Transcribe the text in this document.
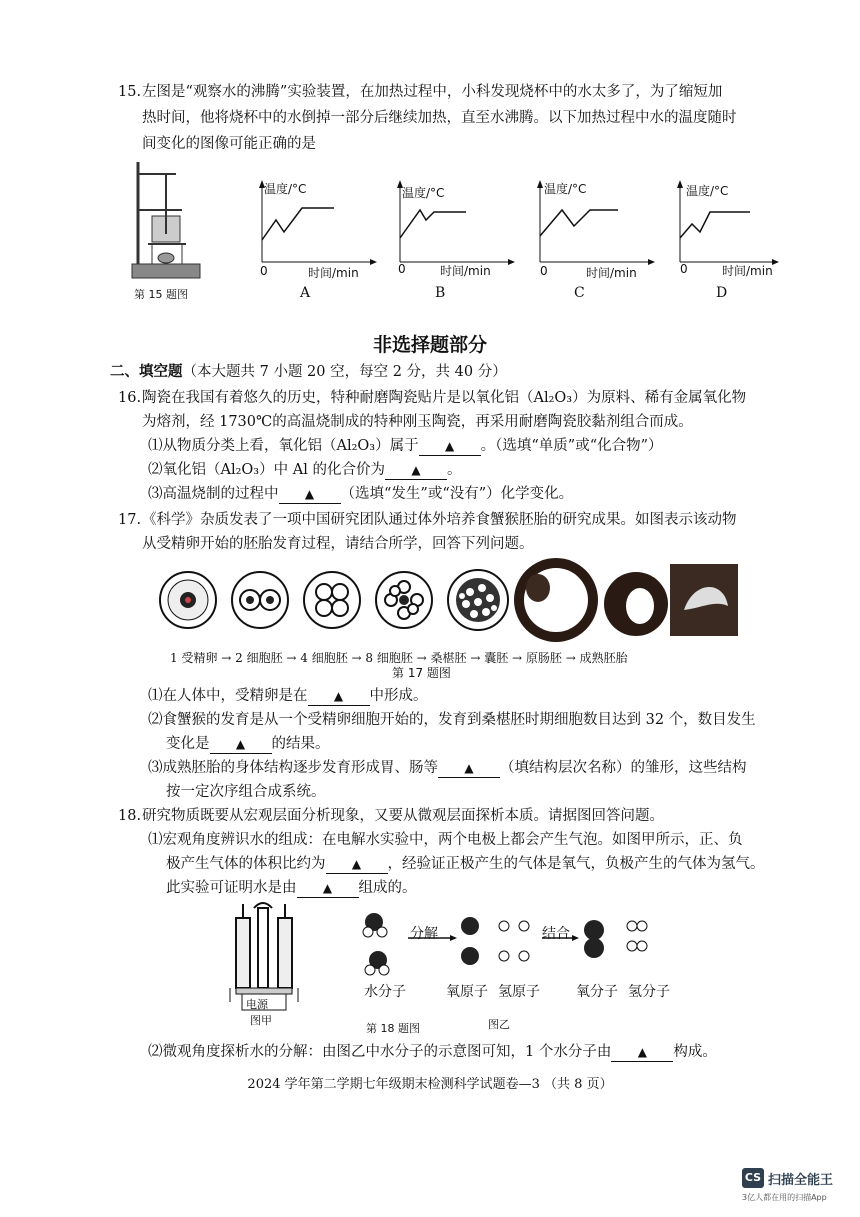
15. 左图是“观察水的沸腾”实验装置，在加热过程中，小科发现烧杯中的水太多了，为了缩短加
热时间，他将烧杯中的水倒掉一部分后继续加热，直至水沸腾。以下加热过程中水的温度随时
间变化的图像可能正确的是
第 15 题图
温度/°C
0	时间/min
A
温度/°C
0	时间/min
B
温度/°C
0	时间/min
C
温度/°C
0	时间/min
D
非选择题部分
二、填空题（本大题共 7 小题 20 空，每空 2 分，共 40 分）
16. 陶瓷在我国有着悠久的历史，特种耐磨陶瓷贴片是以氧化铝（Al₂O₃）为原料、稀有金属氧化物
为熔剂，经 1730℃的高温烧制成的特种刚玉陶瓷，再采用耐磨陶瓷胶黏剂组合而成。
⑴从物质分类上看，氧化铝（Al₂O₃）属于 ▲ 。（选填“单质”或“化合物”）
⑵氧化铝（Al₂O₃）中 Al 的化合价为 ▲ 。
⑶高温烧制的过程中 ▲ （选填“发生”或“没有”）化学变化。
17. 《科学》杂质发表了一项中国研究团队通过体外培养食蟹猴胚胎的研究成果。如图表示该动物
从受精卵开始的胚胎发育过程，请结合所学，回答下列问题。
1 受精卵 → 2 细胞胚 → 4 细胞胚 → 8 细胞胚 → 桑椹胚 → 囊胚 → 原肠胚 → 成熟胚胎
第 17 题图
⑴在人体中，受精卵是在 ▲ 中形成。
⑵食蟹猴的发育是从一个受精卵细胞开始的，发育到桑椹胚时期细胞数目达到 32 个，数目发生
变化是 ▲ 的结果。
⑶成熟胚胎的身体结构逐步发育形成胃、肠等 ▲ （填结构层次名称）的雏形，这些结构
按一定次序组合成系统。
18. 研究物质既要从宏观层面分析现象，又要从微观层面探析本质。请据图回答问题。
⑴宏观角度辨识水的组成：在电解水实验中，两个电极上都会产生气泡。如图甲所示，正、负
极产生气体的体积比约为 ▲ ，经验证正极产生的气体是氧气，负极产生的气体为氢气。
此实验可证明水是由 ▲ 组成的。
电源
图甲
第 18 题图	图乙
分解	结合
水分子	氧原子 氢原子	氧分子 氢分子
⑵微观角度探析水的分解：由图乙中水分子的示意图可知，1 个水分子由 ▲ 构成。
2024 学年第二学期七年级期末检测科学试题卷—3 （共 8 页）
CS 扫描全能王
3亿人都在用的扫描App
